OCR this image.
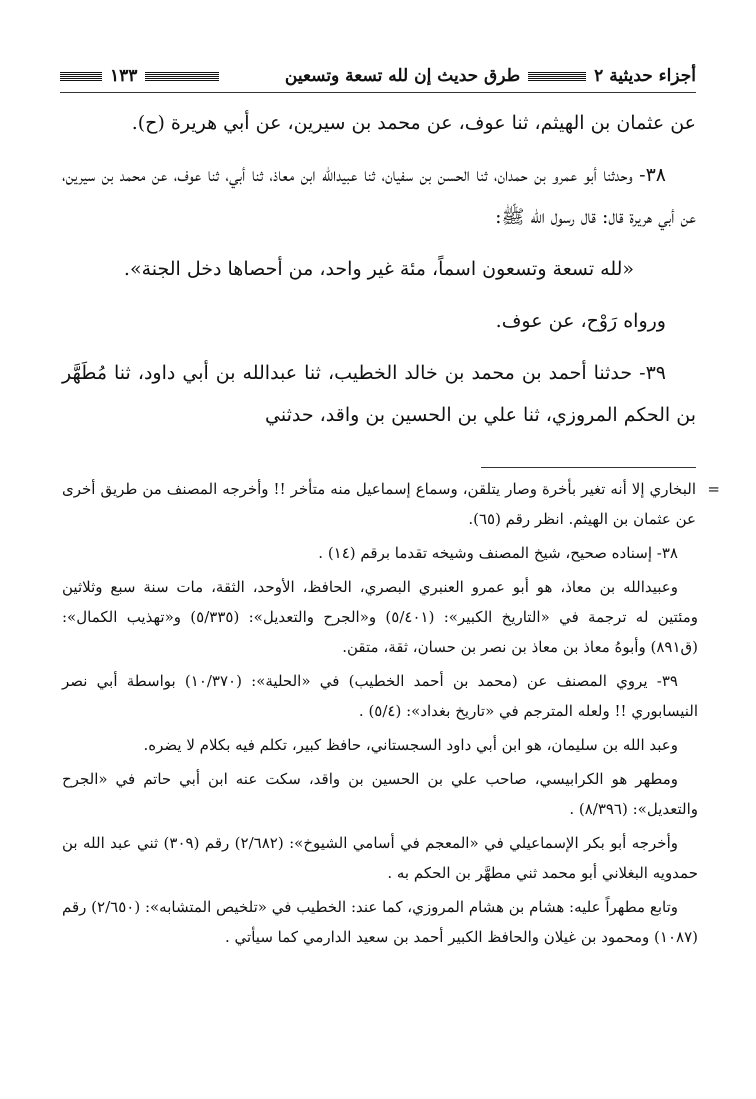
أجزاء حديثية ٢
طرق حديث إن لله تسعة وتسعين
١٣٣

عن عثمان بن الهيثم، ثنا عوف، عن محمد بن سيرين، عن أبي هريرة (ح).

٣٨- وحدثنا أبو عمرو بن حمدان، ثنا الحسن بن سفيان، ثنا عبيدالله ابن معاذ، ثنا أبي، ثنا عوف، عن محمد بن سيرين، عن أبي هريرة قال: قال رسول الله ﷺ:

«لله تسعة وتسعون اسماً، مئة غير واحد، من أحصاها دخل الجنة».

ورواه رَوْح، عن عوف.

٣٩- حدثنا أحمد بن محمد بن خالد الخطيب، ثنا عبدالله بن أبي داود، ثنا مُطَهَّر بن الحكم المروزي، ثنا علي بن الحسين بن واقد، حدثني

=
البخاري إلا أنه تغير بأخرة وصار يتلقن، وسماع إسماعيل منه متأخر !! وأخرجه المصنف من طريق أخرى عن عثمان بن الهيثم. انظر رقم (٦٥).

٣٨- إسناده صحيح، شيخ المصنف وشيخه تقدما برقم (١٤) .

وعبيدالله بن معاذ، هو أبو عمرو العنبري البصري، الحافظ، الأوحد، الثقة، مات سنة سبع وثلاثين ومئتين له ترجمة في «التاريخ الكبير»: (٥/٤٠١) و«الجرح والتعديل»: (٥/٣٣٥) و«تهذيب الكمال»: (ق٨٩١) وأبوهُ معاذ بن معاذ بن نصر بن حسان، ثقة، متقن.

٣٩- يروي المصنف عن (محمد بن أحمد الخطيب) في «الحلية»: (١٠/٣٧٠) بواسطة أبي نصر النيسابوري !! ولعله المترجم في «تاريخ بغداد»: (٥/٤) .

وعبد الله بن سليمان، هو ابن أبي داود السجستاني، حافظ كبير، تكلم فيه بكلام لا يضره.

ومطهر هو الكرابيسي، صاحب علي بن الحسين بن واقد، سكت عنه ابن أبي حاتم في «الجرح والتعديل»: (٨/٣٩٦) .

وأخرجه أبو بكر الإسماعيلي في «المعجم في أسامي الشيوخ»: (٢/٦٨٢) رقم (٣٠٩) ثني عبد الله بن حمدويه البغلاني أبو محمد ثني مطهَّر بن الحكم به .

وتابع مطهراً عليه: هشام بن هشام المروزي، كما عند: الخطيب في «تلخيص المتشابه»: (٢/٦٥٠) رقم (١٠٨٧) ومحمود بن غيلان والحافظ الكبير أحمد بن سعيد الدارمي كما سيأتي .
